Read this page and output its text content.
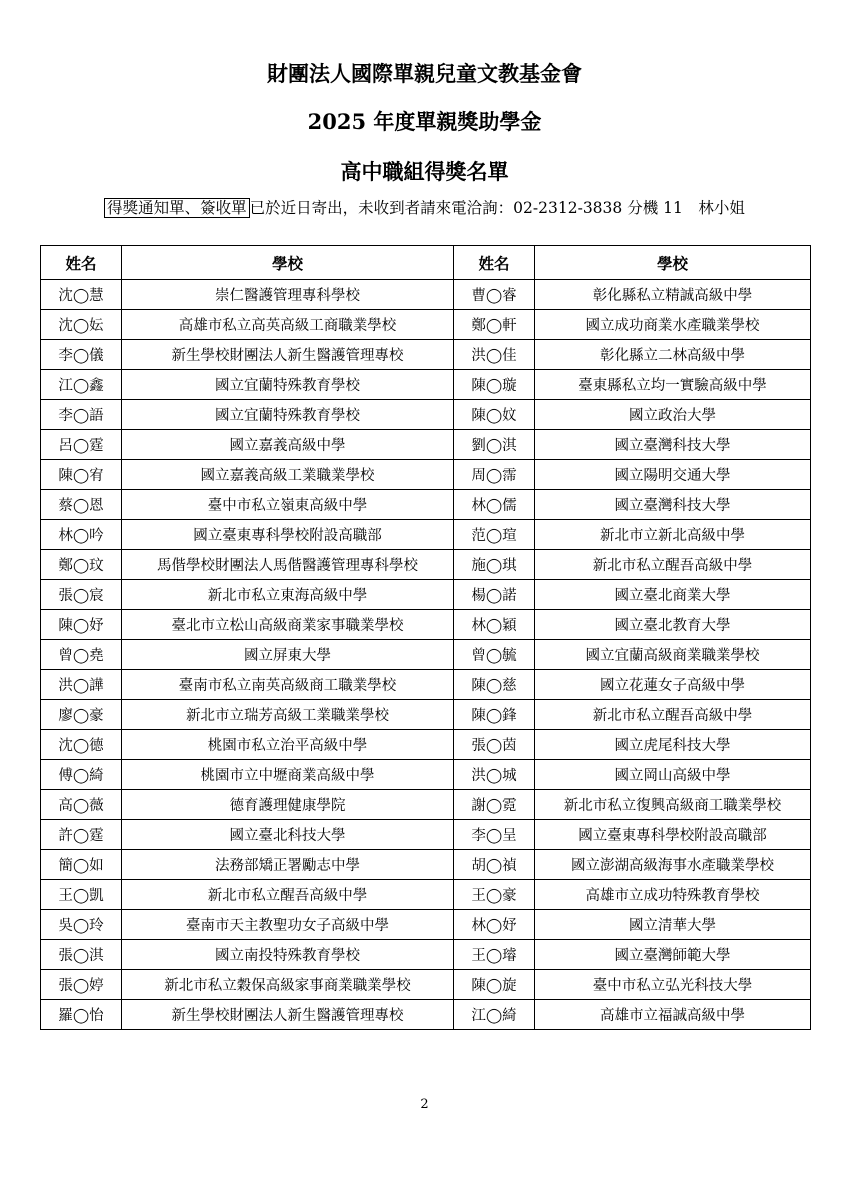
財團法人國際單親兒童文教基金會
2025 年度單親獎助學金
高中職組得獎名單
得獎通知單、簽收單 已於近日寄出，未收到者請來電洽詢：02-2312-3838 分機 11　林小姐
姓名	學校	姓名	學校
沈◯慧	崇仁醫護管理專科學校	曹◯睿	彰化縣私立精誠高級中學
沈◯妘	高雄市私立高英高級工商職業學校	鄭◯軒	國立成功商業水產職業學校
李◯儀	新生學校財團法人新生醫護管理專校	洪◯佳	彰化縣立二林高級中學
江◯鑫	國立宜蘭特殊教育學校	陳◯璇	臺東縣私立均一實驗高級中學
李◯語	國立宜蘭特殊教育學校	陳◯妏	國立政治大學
呂◯霆	國立嘉義高級中學	劉◯淇	國立臺灣科技大學
陳◯宥	國立嘉義高級工業職業學校	周◯霈	國立陽明交通大學
蔡◯恩	臺中市私立嶺東高級中學	林◯儒	國立臺灣科技大學
林◯吟	國立臺東專科學校附設高職部	范◯瑄	新北市立新北高級中學
鄭◯玟	馬偕學校財團法人馬偕醫護管理專科學校	施◯琪	新北市私立醒吾高級中學
張◯宸	新北市私立東海高級中學	楊◯諾	國立臺北商業大學
陳◯妤	臺北市立松山高級商業家事職業學校	林◯穎	國立臺北教育大學
曾◯堯	國立屏東大學	曾◯毓	國立宜蘭高級商業職業學校
洪◯譁	臺南市私立南英高級商工職業學校	陳◯慈	國立花蓮女子高級中學
廖◯豪	新北市立瑞芳高級工業職業學校	陳◯鋒	新北市私立醒吾高級中學
沈◯德	桃園市私立治平高級中學	張◯茵	國立虎尾科技大學
傅◯綺	桃園市立中壢商業高級中學	洪◯城	國立岡山高級中學
高◯薇	德育護理健康學院	謝◯霓	新北市私立復興高級商工職業學校
許◯霆	國立臺北科技大學	李◯呈	國立臺東專科學校附設高職部
簡◯如	法務部矯正署勵志中學	胡◯禎	國立澎湖高級海事水產職業學校
王◯凱	新北市私立醒吾高級中學	王◯豪	高雄市立成功特殊教育學校
吳◯玲	臺南市天主教聖功女子高級中學	林◯妤	國立清華大學
張◯淇	國立南投特殊教育學校	王◯璿	國立臺灣師範大學
張◯婷	新北市私立穀保高級家事商業職業學校	陳◯旋	臺中市私立弘光科技大學
羅◯怡	新生學校財團法人新生醫護管理專校	江◯綺	高雄市立福誠高級中學
2
